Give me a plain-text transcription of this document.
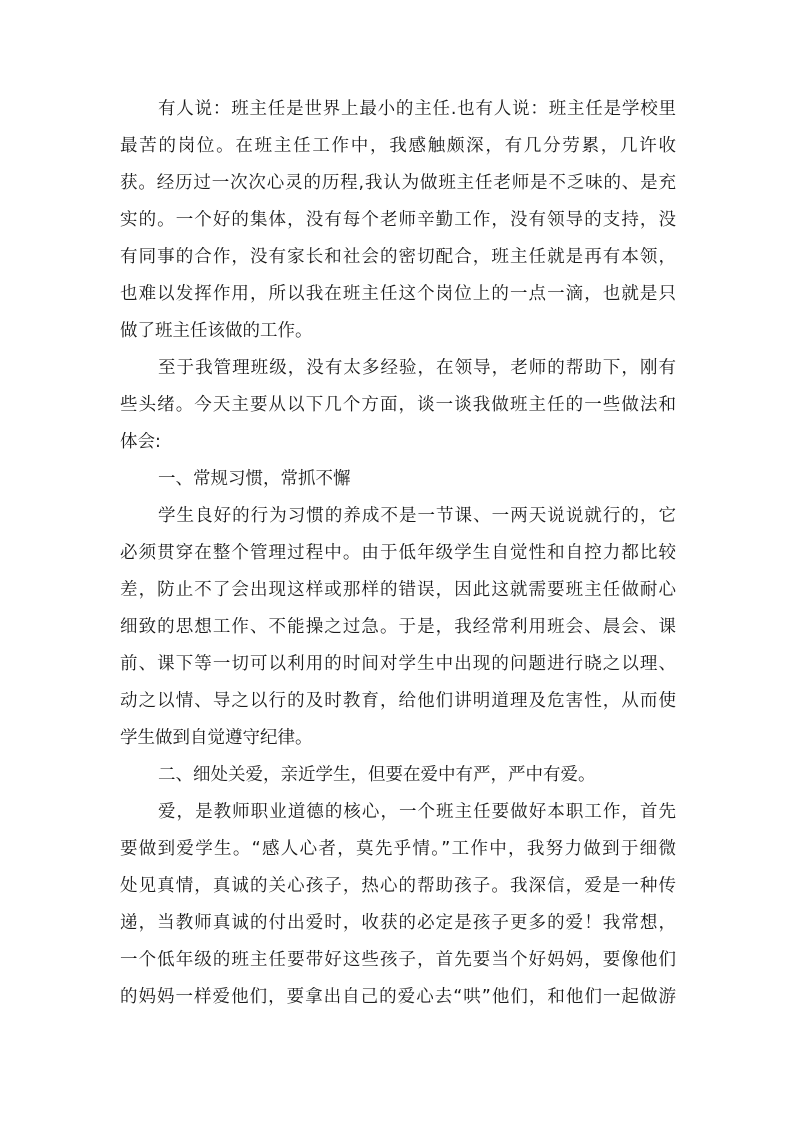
有人说：班主任是世界上最小的主任.也有人说：班主任是学校里
最苦的岗位。在班主任工作中，我感触颇深，有几分劳累，几许收
获。经历过一次次心灵的历程,我认为做班主任老师是不乏味的、是充
实的。一个好的集体，没有每个老师辛勤工作，没有领导的支持，没
有同事的合作，没有家长和社会的密切配合，班主任就是再有本领，
也难以发挥作用，所以我在班主任这个岗位上的一点一滴，也就是只
做了班主任该做的工作。
至于我管理班级，没有太多经验，在领导，老师的帮助下，刚有
些头绪。今天主要从以下几个方面，谈一谈我做班主任的一些做法和
体会:
一、常规习惯，常抓不懈
学生良好的行为习惯的养成不是一节课、一两天说说就行的，它
必须贯穿在整个管理过程中。由于低年级学生自觉性和自控力都比较
差，防止不了会出现这样或那样的错误，因此这就需要班主任做耐心
细致的思想工作、不能操之过急。于是，我经常利用班会、晨会、课
前、课下等一切可以利用的时间对学生中出现的问题进行晓之以理、
动之以情、导之以行的及时教育，给他们讲明道理及危害性，从而使
学生做到自觉遵守纪律。
二、细处关爱，亲近学生，但要在爱中有严，严中有爱。
爱，是教师职业道德的核心，一个班主任要做好本职工作，首先
要做到爱学生。“感人心者，莫先乎情。”工作中，我努力做到于细微
处见真情，真诚的关心孩子，热心的帮助孩子。我深信，爱是一种传
递，当教师真诚的付出爱时，收获的必定是孩子更多的爱！我常想，
一个低年级的班主任要带好这些孩子，首先要当个好妈妈，要像他们
的妈妈一样爱他们，要拿出自己的爱心去“哄”他们，和他们一起做游
